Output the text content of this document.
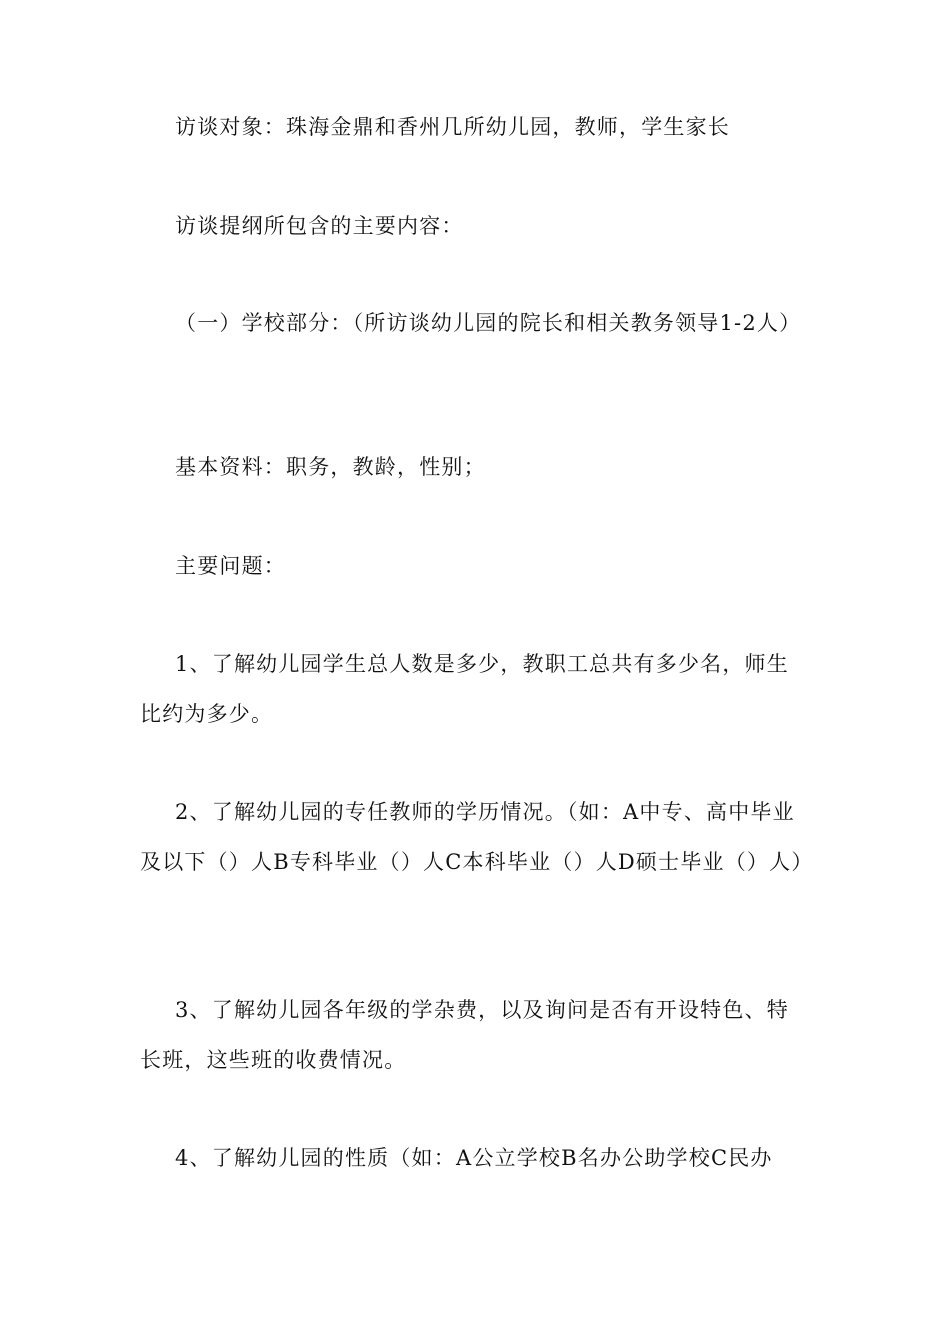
访谈对象：珠海金鼎和香州几所幼儿园，教师，学生家长

访谈提纲所包含的主要内容：

（一）学校部分：（所访谈幼儿园的院长和相关教务领导1-2人）

基本资料：职务，教龄，性别；

主要问题：

1、了解幼儿园学生总人数是多少，教职工总共有多少名，师生比约为多少。

2、了解幼儿园的专任教师的学历情况。（如：A中专、高中毕业及以下（）人B专科毕业（）人C本科毕业（）人D硕士毕业（）人）

3、了解幼儿园各年级的学杂费，以及询问是否有开设特色、特长班，这些班的收费情况。

4、了解幼儿园的性质（如：A公立学校B名办公助学校C民办
